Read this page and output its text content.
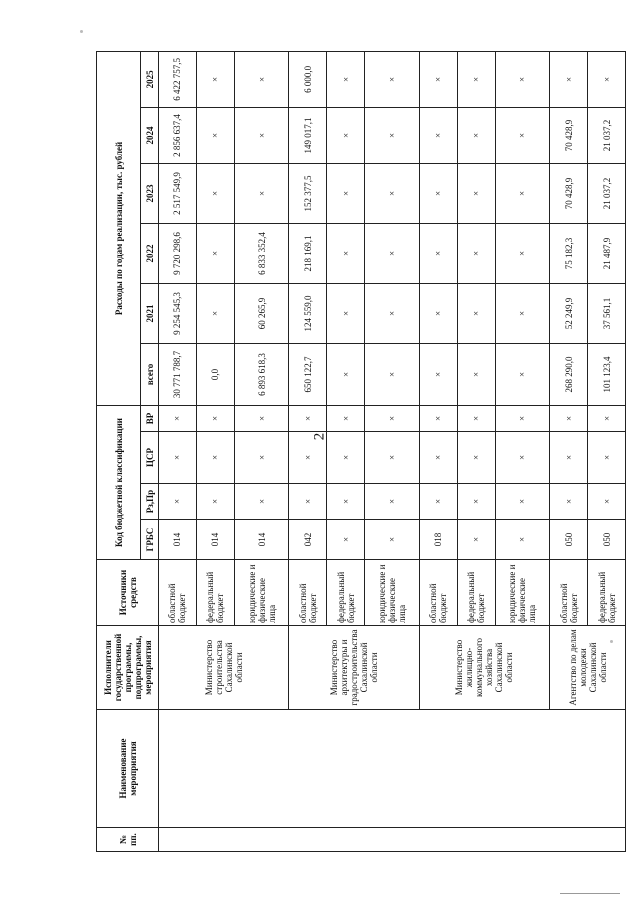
2
№ пп.	Наименование мероприятия	Исполнители государственной программы, подпрограммы, мероприятия	Источники средств	Код бюджетной классификации				Расходы по годам реализации, тыс. рублей					
				ГРБС	Рз,Пр	ЦСР	ВР	всего	2021	2022	2023	2024	2025
		Министерство строительства Сахалинской области	областной бюджет	014	×	×	×	30 771 788,7	9 254 545,3	9 720 298,6	2 517 549,9	2 856 637,4	6 422 757,5
			федеральный бюджет	014	×	×	×	0,0	×	×	×	×	×
			юридические и физические лица	014	×	×	×	6 893 618,3	60 265,9	6 833 352,4	×	×	×
		Министерство архитектуры и градостроительства Сахалинской области	областной бюджет	042	×	×	×	650 122,7	124 559,0	218 169,1	152 377,5	149 017,1	6 000,0
			федеральный бюджет	×	×	×	×	×	×	×	×	×	×
			юридические и физические лица	×	×	×	×	×	×	×	×	×	×
		Министерство жилищно-коммунального хозяйства Сахалинской области	областной бюджет	018	×	×	×	×	×	×	×	×	×
			федеральный бюджет	×	×	×	×	×	×	×	×	×	×
			юридические и физические лица	×	×	×	×	×	×	×	×	×	×
		Агентство по делам молодежи Сахалинской области	областной бюджет	050	×	×	×	268 290,0	52 249,9	75 182,3	70 428,9	70 428,9	×
			федеральный бюджет	050	×	×	×	101 123,4	37 561,1	21 487,9	21 037,2	21 037,2	×
